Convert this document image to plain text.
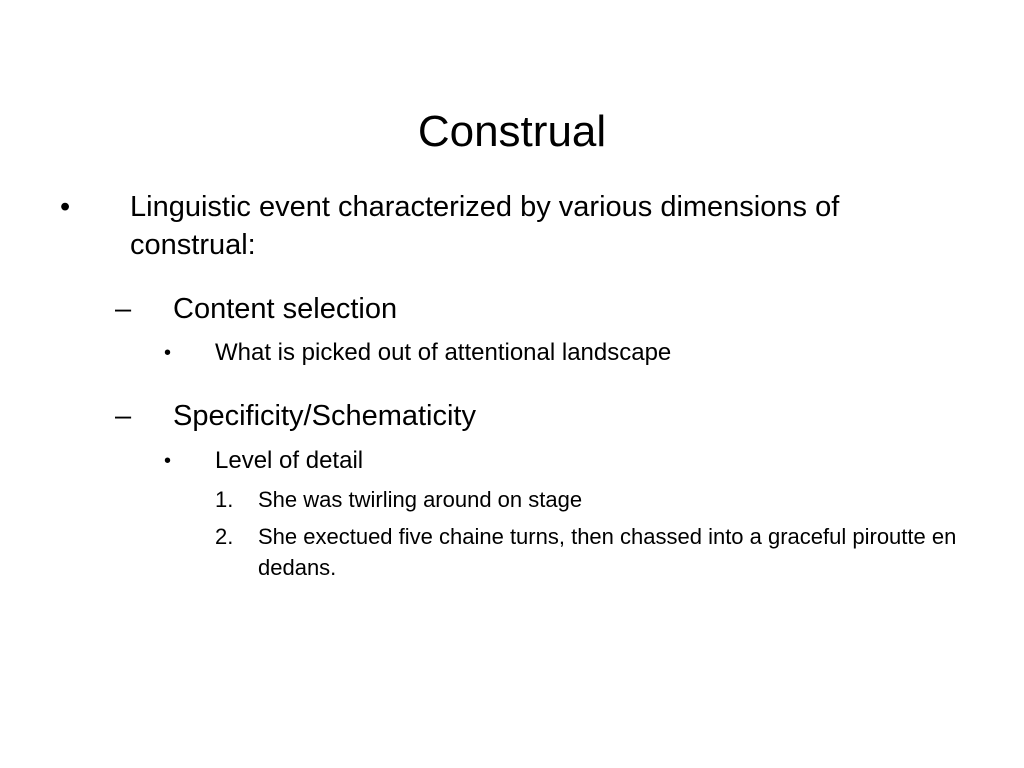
Construal
• Linguistic event characterized by various dimensions of construal:
– Content selection
• What is picked out of attentional landscape
– Specificity/Schematicity
• Level of detail
1. She was twirling around on stage
2. She exectued five chaine turns, then chassed into a graceful piroutte en dedans.
